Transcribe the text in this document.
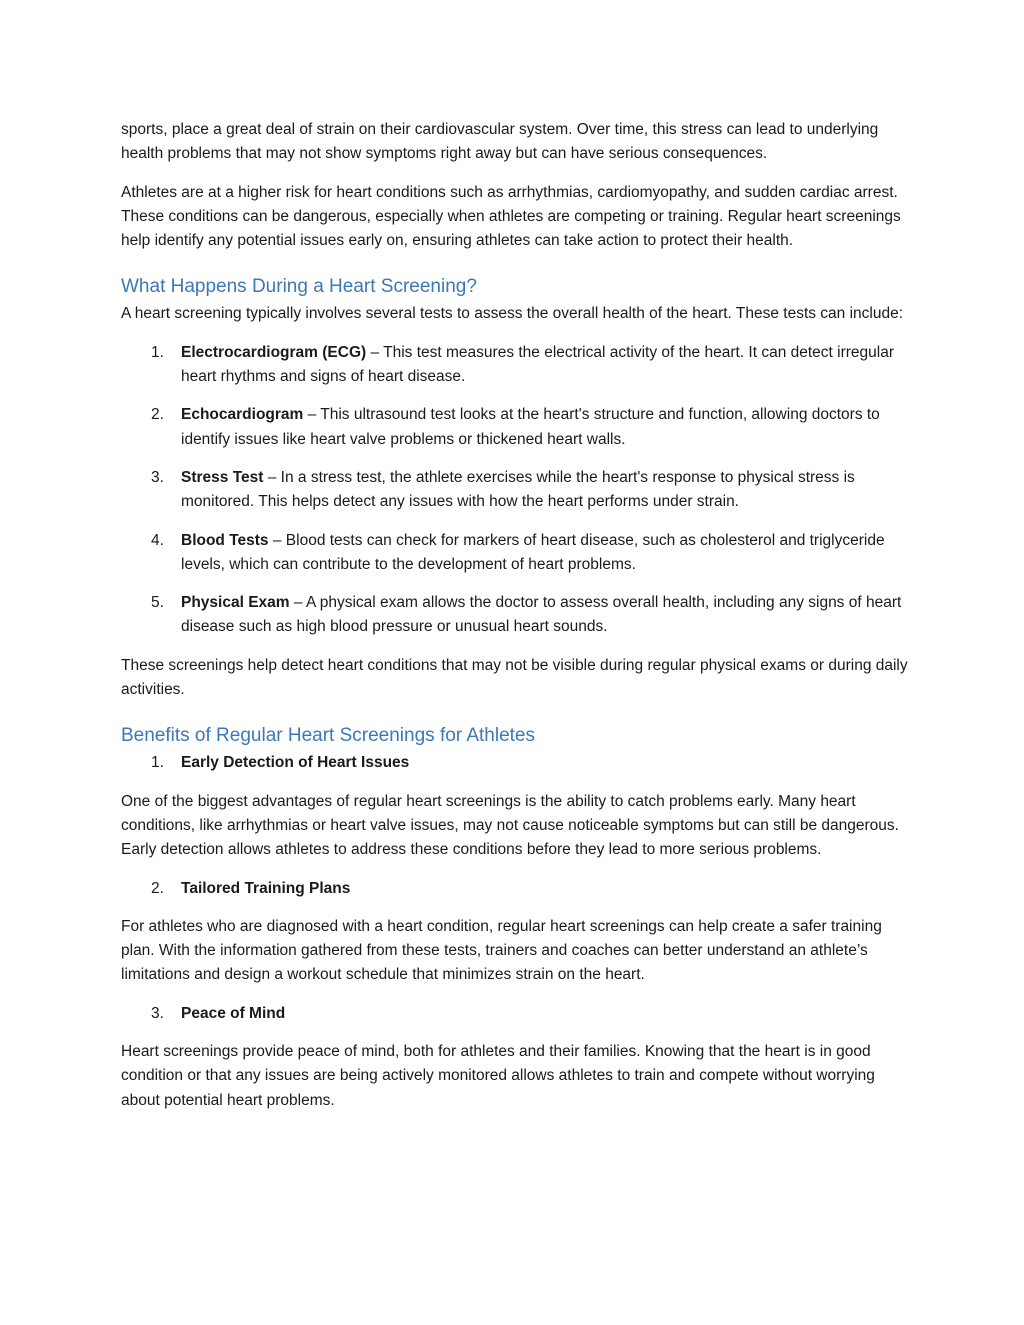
sports, place a great deal of strain on their cardiovascular system. Over time, this stress can lead to underlying health problems that may not show symptoms right away but can have serious consequences.

Athletes are at a higher risk for heart conditions such as arrhythmias, cardiomyopathy, and sudden cardiac arrest. These conditions can be dangerous, especially when athletes are competing or training. Regular heart screenings help identify any potential issues early on, ensuring athletes can take action to protect their health.

What Happens During a Heart Screening?

A heart screening typically involves several tests to assess the overall health of the heart. These tests can include:

1. Electrocardiogram (ECG) – This test measures the electrical activity of the heart. It can detect irregular heart rhythms and signs of heart disease.
2. Echocardiogram – This ultrasound test looks at the heart's structure and function, allowing doctors to identify issues like heart valve problems or thickened heart walls.
3. Stress Test – In a stress test, the athlete exercises while the heart's response to physical stress is monitored. This helps detect any issues with how the heart performs under strain.
4. Blood Tests – Blood tests can check for markers of heart disease, such as cholesterol and triglyceride levels, which can contribute to the development of heart problems.
5. Physical Exam – A physical exam allows the doctor to assess overall health, including any signs of heart disease such as high blood pressure or unusual heart sounds.

These screenings help detect heart conditions that may not be visible during regular physical exams or during daily activities.

Benefits of Regular Heart Screenings for Athletes
1. Early Detection of Heart Issues

One of the biggest advantages of regular heart screenings is the ability to catch problems early. Many heart conditions, like arrhythmias or heart valve issues, may not cause noticeable symptoms but can still be dangerous. Early detection allows athletes to address these conditions before they lead to more serious problems.

2. Tailored Training Plans

For athletes who are diagnosed with a heart condition, regular heart screenings can help create a safer training plan. With the information gathered from these tests, trainers and coaches can better understand an athlete’s limitations and design a workout schedule that minimizes strain on the heart.

3. Peace of Mind

Heart screenings provide peace of mind, both for athletes and their families. Knowing that the heart is in good condition or that any issues are being actively monitored allows athletes to train and compete without worrying about potential heart problems.
